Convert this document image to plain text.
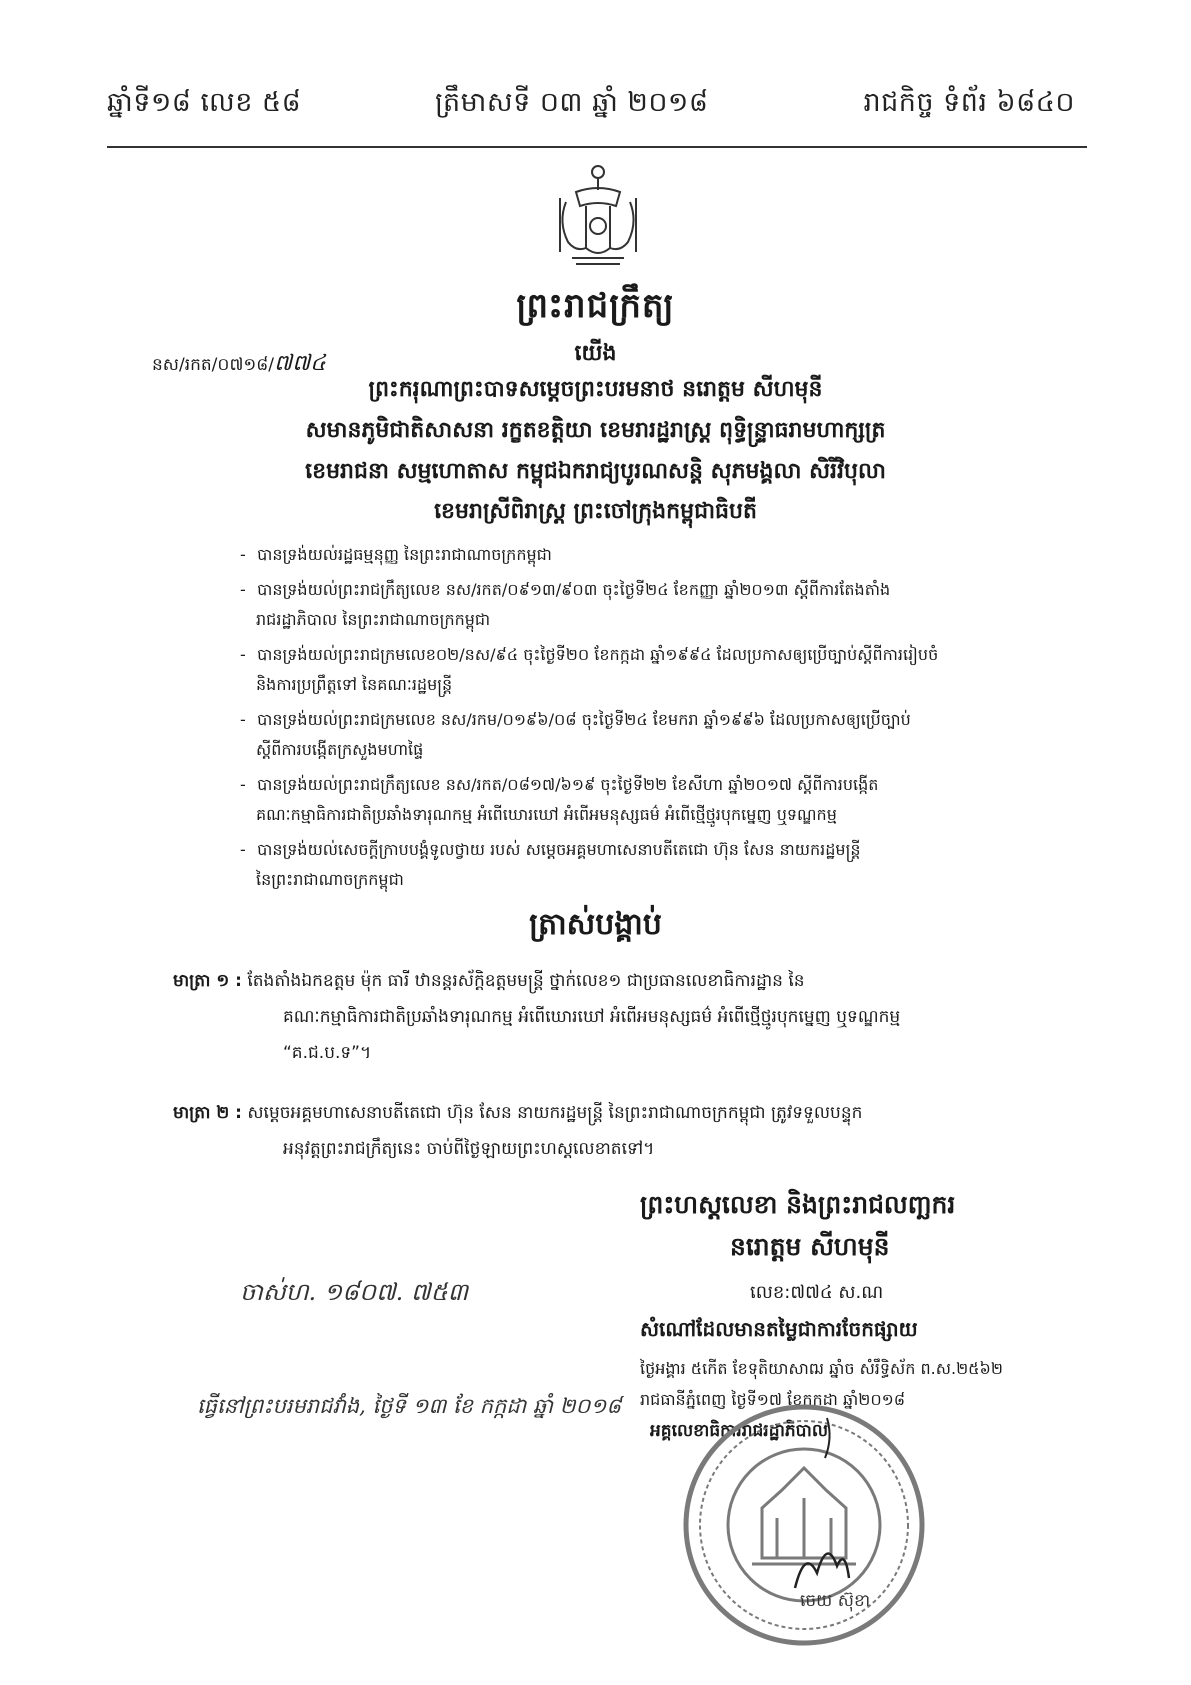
ឆ្នាំទី១៨ លេខ ៥៨	ត្រឹមាសទី ០៣ ឆ្នាំ ២០១៨	រាជកិច្ច ទំព័រ ៦៨៤០
ព្រះរាជក្រឹត្យ
នស/រកត/០៧១៨/៧៧៤	យើង
ព្រះករុណាព្រះបាទសម្តេចព្រះបរមនាថ នរោត្តម សីហមុនី
សមានភូមិជាតិសាសនា រក្ខតខត្តិយា ខេមរារដ្ឋរាស្ត្រ ពុទ្ធិន្ទ្រាធរាមហាក្សត្រ
ខេមរាជនា សម្មហោតាស កម្ពុជឯករាជ្យបូរណសន្តិ សុភមង្គលា សិរីវិបុលា
ខេមរាស្រីពិរាស្ត្រ ព្រះចៅក្រុងកម្ពុជាធិបតី
- បានទ្រង់យល់រដ្ឋធម្មនុញ្ញ នៃព្រះរាជាណាចក្រកម្ពុជា
- បានទ្រង់យល់ព្រះរាជក្រឹត្យលេខ នស/រកត/០៩១៣/៩០៣ ចុះថ្ងៃទី២៤ ខែកញ្ញា ឆ្នាំ២០១៣ ស្តីពីការតែងតាំង
រាជរដ្ឋាភិបាល នៃព្រះរាជាណាចក្រកម្ពុជា
- បានទ្រង់យល់ព្រះរាជក្រមលេខ០២/នស/៩៤ ចុះថ្ងៃទី២០ ខែកក្កដា ឆ្នាំ១៩៩៤ ដែលប្រកាសឲ្យប្រើច្បាប់ស្តីពីការរៀបចំ
និងការប្រព្រឹត្តទៅ នៃគណៈរដ្ឋមន្ត្រី
- បានទ្រង់យល់ព្រះរាជក្រមលេខ នស/រកម/០១៩៦/០៨ ចុះថ្ងៃទី២៤ ខែមករា ឆ្នាំ១៩៩៦ ដែលប្រកាសឲ្យប្រើច្បាប់
ស្តីពីការបង្កើតក្រសួងមហាផ្ទៃ
- បានទ្រង់យល់ព្រះរាជក្រឹត្យលេខ នស/រកត/០៨១៧/៦១៩ ចុះថ្ងៃទី២២ ខែសីហា ឆ្នាំ២០១៧ ស្តីពីការបង្កើត
គណៈកម្មាធិការជាតិប្រឆាំងទារុណកម្ម អំពើឃោរឃៅ អំពើអមនុស្សធម៌ អំពើថ្មើថ្មូរបុកម្នេញ ឬទណ្ឌកម្ម
- បានទ្រង់យល់សេចក្តីក្រាបបង្គំទូលថ្វាយ របស់ សម្តេចអគ្គមហាសេនាបតីតេជោ ហ៊ុន សែន នាយករដ្ឋមន្ត្រី
នៃព្រះរាជាណាចក្រកម្ពុជា
ត្រាស់បង្គាប់
មាត្រា ១ : តែងតាំងឯកឧត្តម ម៉ុក ធារី ឋានន្តរស័ក្តិឧត្តមមន្ត្រី ថ្នាក់លេខ១ ជាប្រធានលេខាធិការដ្ឋាន នៃ
គណៈកម្មាធិការជាតិប្រឆាំងទារុណកម្ម អំពើឃោរឃៅ អំពើអមនុស្សធម៌ អំពើថ្មើថ្មូរបុកម្នេញ ឬទណ្ឌកម្ម
“គ.ជ.ប.ទ”។
មាត្រា ២ : សម្តេចអគ្គមហាសេនាបតីតេជោ ហ៊ុន សែន នាយករដ្ឋមន្ត្រី នៃព្រះរាជាណាចក្រកម្ពុជា ត្រូវទទួលបន្ទុក
អនុវត្តព្រះរាជក្រឹត្យនេះ ចាប់ពីថ្ងៃឡាយព្រះហស្តលេខាតទៅ។
ព្រះហស្តលេខា និងព្រះរាជលញ្ឆករ
នរោត្តម សីហមុនី
ចាស់ហ. ១៨០៧. ៧៥៣	លេខ:៧៧៤ ស.ណ
សំណៅដែលមានតម្លៃជាការចែកផ្សាយ
ថ្ងៃអង្គារ ៥កើត ខែទុតិយាសាឍ ឆ្នាំច សំរឹទ្ធិស័ក ព.ស.២៥៦២
រាជធានីភ្នំពេញ ថ្ងៃទី១៧ ខែកក្កដា ឆ្នាំ២០១៨
អគ្គលេខាធិការរាជរដ្ឋាភិបាល
ធ្វើនៅព្រះបរមរាជវាំង, ថ្ងៃទី ១៣ ខែ កក្កដា ឆ្នាំ ២០១៨
ចេយ ស៊ុខា
